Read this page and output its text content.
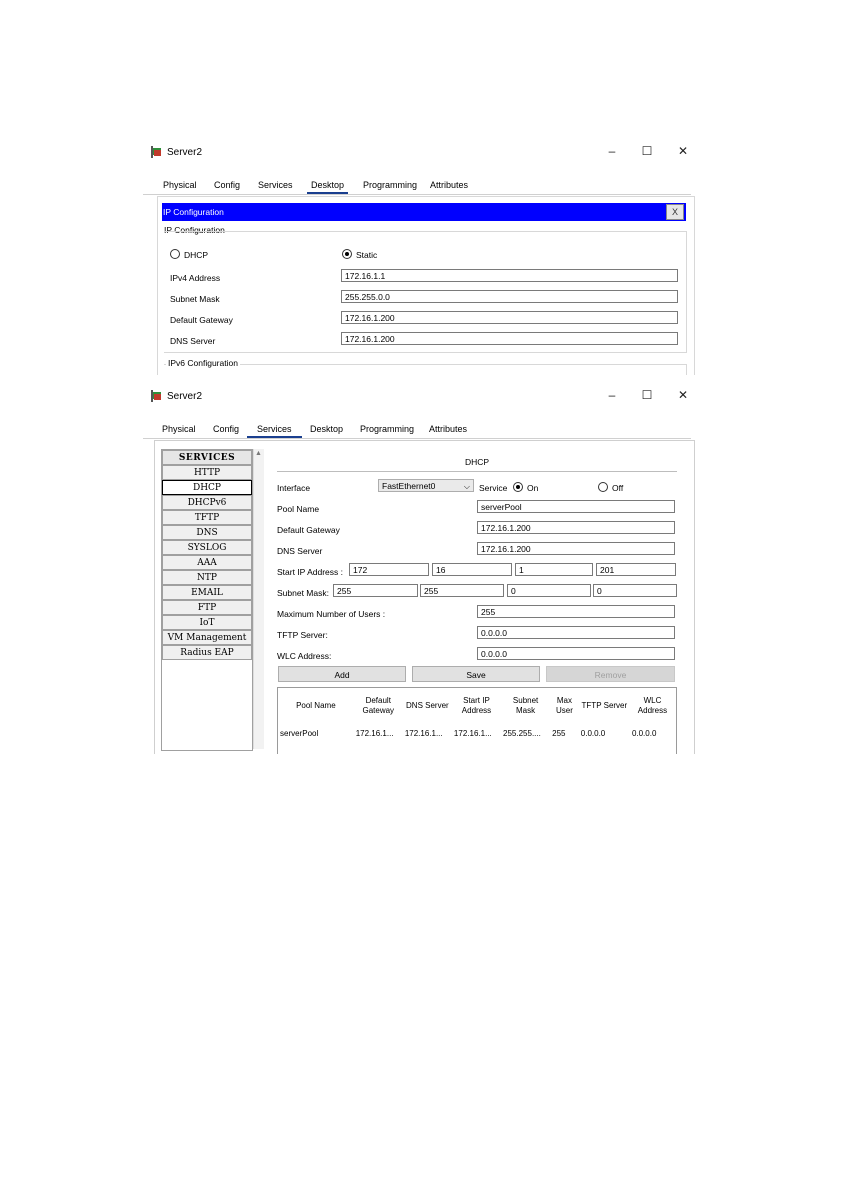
Server2	–	☐ ✕
Physical Config Services	Desktop	Programming Attributes
IP Configuration	X
IP Configuration
DHCP	Static
IPv4 Address	172.16.1.1
Subnet Mask	255.255.0.0
Default Gateway	172.16.1.200
DNS Server	172.16.1.200
IPv6 Configuration
Server2	–	☐ ✕
Physical Config	Services	Desktop Programming Attributes
SERVICES
HTTP
DHCP
DHCPv6
TFTP
DNS
SYSLOG
AAA
NTP
EMAIL
FTP
IoT
VM Management
Radius EAP
▲
DHCP
Interface	FastEthernet0	⌵ Service On	Off
Pool Name	serverPool
Default Gateway	172.16.1.200
DNS Server	172.16.1.200
Start IP Address :	172	16	1	201
Subnet Mask: 255	255	0	0
Maximum Number of Users :	255
TFTP Server:	0.0.0.0
WLC Address:	0.0.0.0
Add	Save	Remove
Pool Name	Default Gateway	DNS Server	Start IP Address	Subnet Mask	Max User	TFTP Server	WLC Address
serverPool	172.16.1...	172.16.1...	172.16.1...	255.255....	255	0.0.0.0	0.0.0.0
